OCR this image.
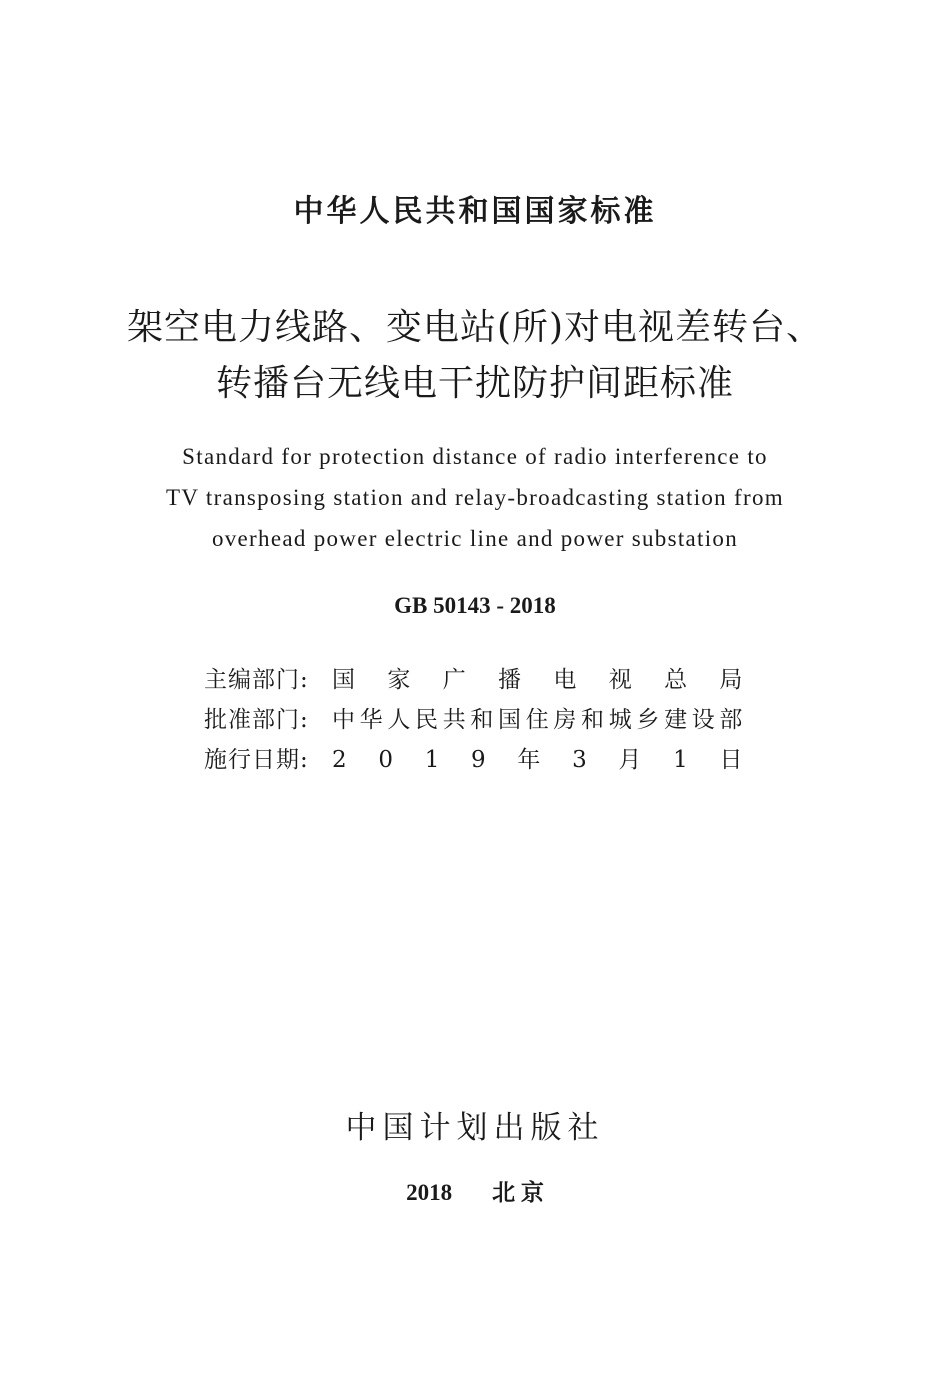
中华人民共和国国家标准
架空电力线路、变电站(所)对电视差转台、
转播台无线电干扰防护间距标准
Standard for protection distance of radio interference to
TV transposing station and relay-broadcasting station from
overhead power electric line and power substation
GB 50143 - 2018
主编部门:	国 家 广 播 电 视 总 局
批准部门:	中 华 人 民 共 和 国 住 房 和 城 乡 建 设 部
施行日期:	2 0 1 9 年 3 月 1 日
中国计划出版社
2018 北 京
